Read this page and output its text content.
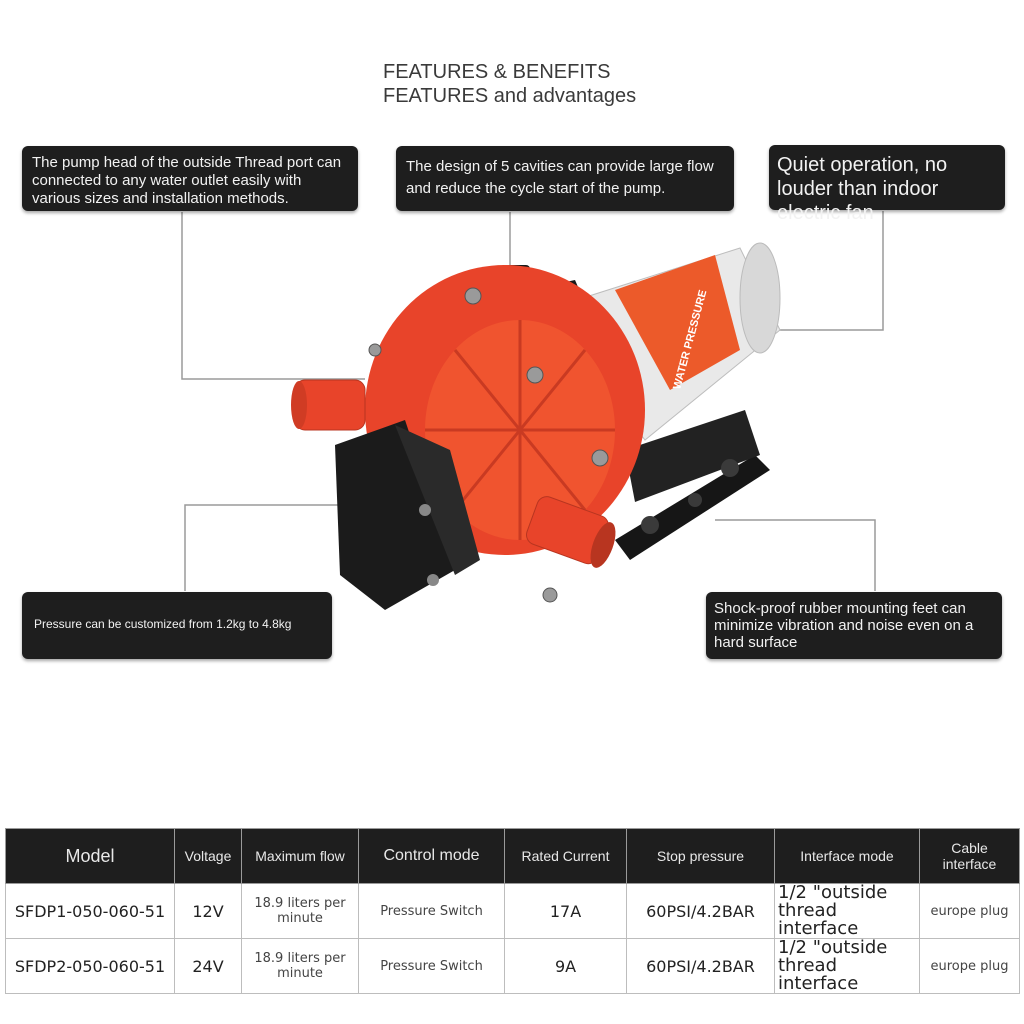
FEATURES & BENEFITS
FEATURES and advantages
The pump head of the outside Thread port can connected to any water outlet easily with various sizes and installation methods.
The design of 5 cavities can provide large flow and reduce the cycle start of the pump.
Quiet operation, no louder than indoor electric fan
Pressure can be customized from 1.2kg to 4.8kg
Shock-proof rubber mounting feet can minimize vibration and noise even on a hard surface
WATER PRESSURE
Model	Voltage	Maximum flow	Control mode	Rated Current	Stop pressure	Interface mode	Cable interface
SFDP1-050-060-51	12V	18.9 liters per minute	Pressure Switch	17A	60PSI/4.2BAR	1/2 "outside thread interface	europe plug
SFDP2-050-060-51	24V	18.9 liters per minute	Pressure Switch	9A	60PSI/4.2BAR	1/2 "outside thread interface	europe plug
